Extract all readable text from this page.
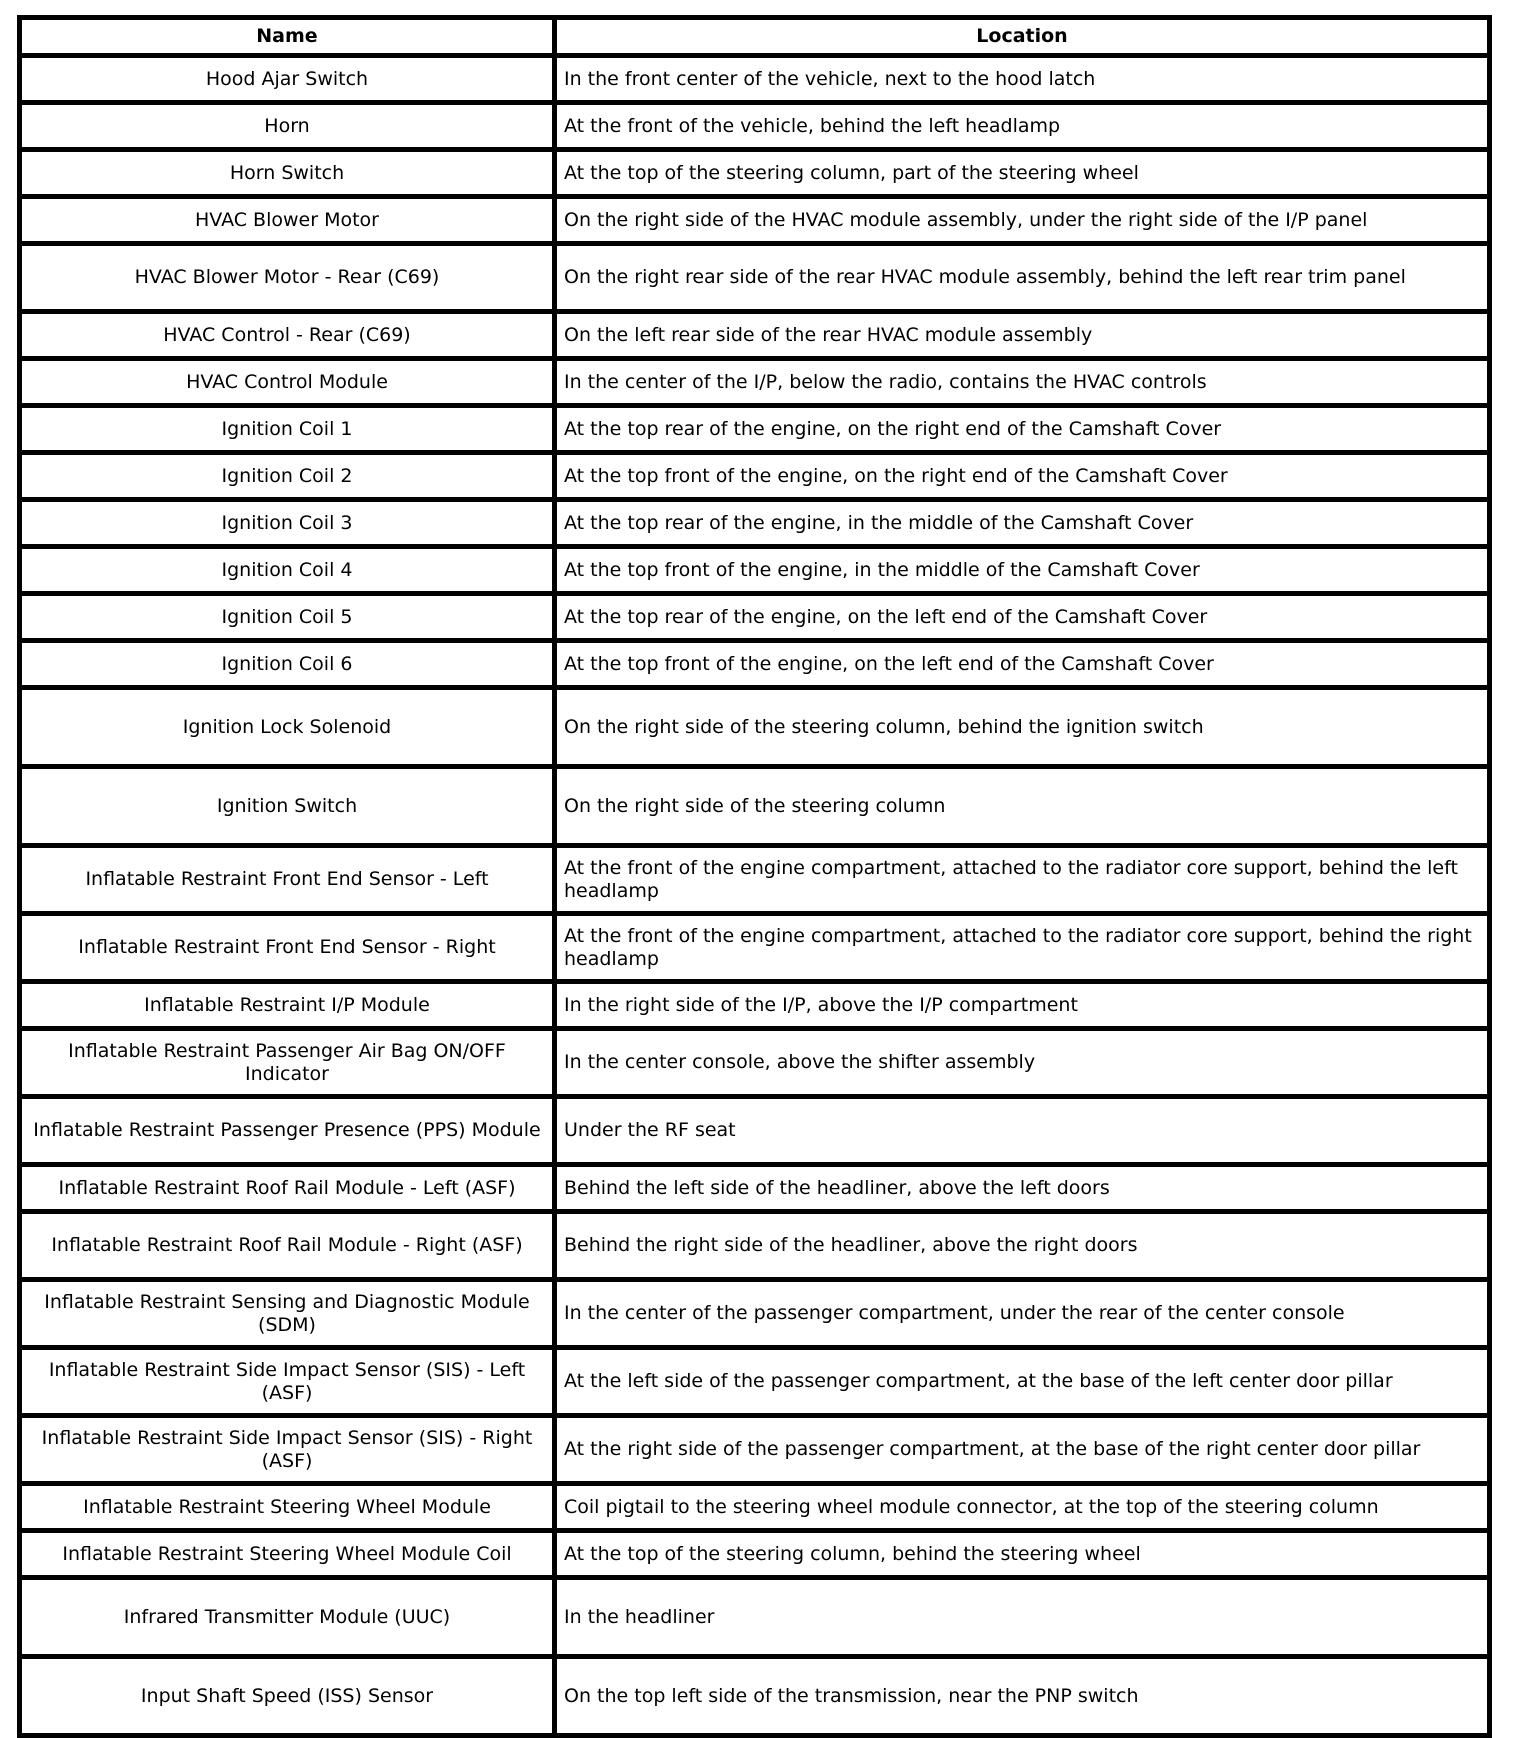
Name	Location
Hood Ajar Switch	In the front center of the vehicle, next to the hood latch
Horn	At the front of the vehicle, behind the left headlamp
Horn Switch	At the top of the steering column, part of the steering wheel
HVAC Blower Motor	On the right side of the HVAC module assembly, under the right side of the I/P panel
HVAC Blower Motor - Rear (C69)	On the right rear side of the rear HVAC module assembly, behind the left rear trim panel
HVAC Control - Rear (C69)	On the left rear side of the rear HVAC module assembly
HVAC Control Module	In the center of the I/P, below the radio, contains the HVAC controls
Ignition Coil 1	At the top rear of the engine, on the right end of the Camshaft Cover
Ignition Coil 2	At the top front of the engine, on the right end of the Camshaft Cover
Ignition Coil 3	At the top rear of the engine, in the middle of the Camshaft Cover
Ignition Coil 4	At the top front of the engine, in the middle of the Camshaft Cover
Ignition Coil 5	At the top rear of the engine, on the left end of the Camshaft Cover
Ignition Coil 6	At the top front of the engine, on the left end of the Camshaft Cover
Ignition Lock Solenoid	On the right side of the steering column, behind the ignition switch
Ignition Switch	On the right side of the steering column
Inflatable Restraint Front End Sensor - Left	At the front of the engine compartment, attached to the radiator core support, behind the left headlamp
Inflatable Restraint Front End Sensor - Right	At the front of the engine compartment, attached to the radiator core support, behind the right headlamp
Inflatable Restraint I/P Module	In the right side of the I/P, above the I/P compartment
Inflatable Restraint Passenger Air Bag ON/OFF Indicator	In the center console, above the shifter assembly
Inflatable Restraint Passenger Presence (PPS) Module	Under the RF seat
Inflatable Restraint Roof Rail Module - Left (ASF)	Behind the left side of the headliner, above the left doors
Inflatable Restraint Roof Rail Module - Right (ASF)	Behind the right side of the headliner, above the right doors
Inflatable Restraint Sensing and Diagnostic Module (SDM)	In the center of the passenger compartment, under the rear of the center console
Inflatable Restraint Side Impact Sensor (SIS) - Left (ASF)	At the left side of the passenger compartment, at the base of the left center door pillar
Inflatable Restraint Side Impact Sensor (SIS) - Right (ASF)	At the right side of the passenger compartment, at the base of the right center door pillar
Inflatable Restraint Steering Wheel Module	Coil pigtail to the steering wheel module connector, at the top of the steering column
Inflatable Restraint Steering Wheel Module Coil	At the top of the steering column, behind the steering wheel
Infrared Transmitter Module (UUC)	In the headliner
Input Shaft Speed (ISS) Sensor	On the top left side of the transmission, near the PNP switch
